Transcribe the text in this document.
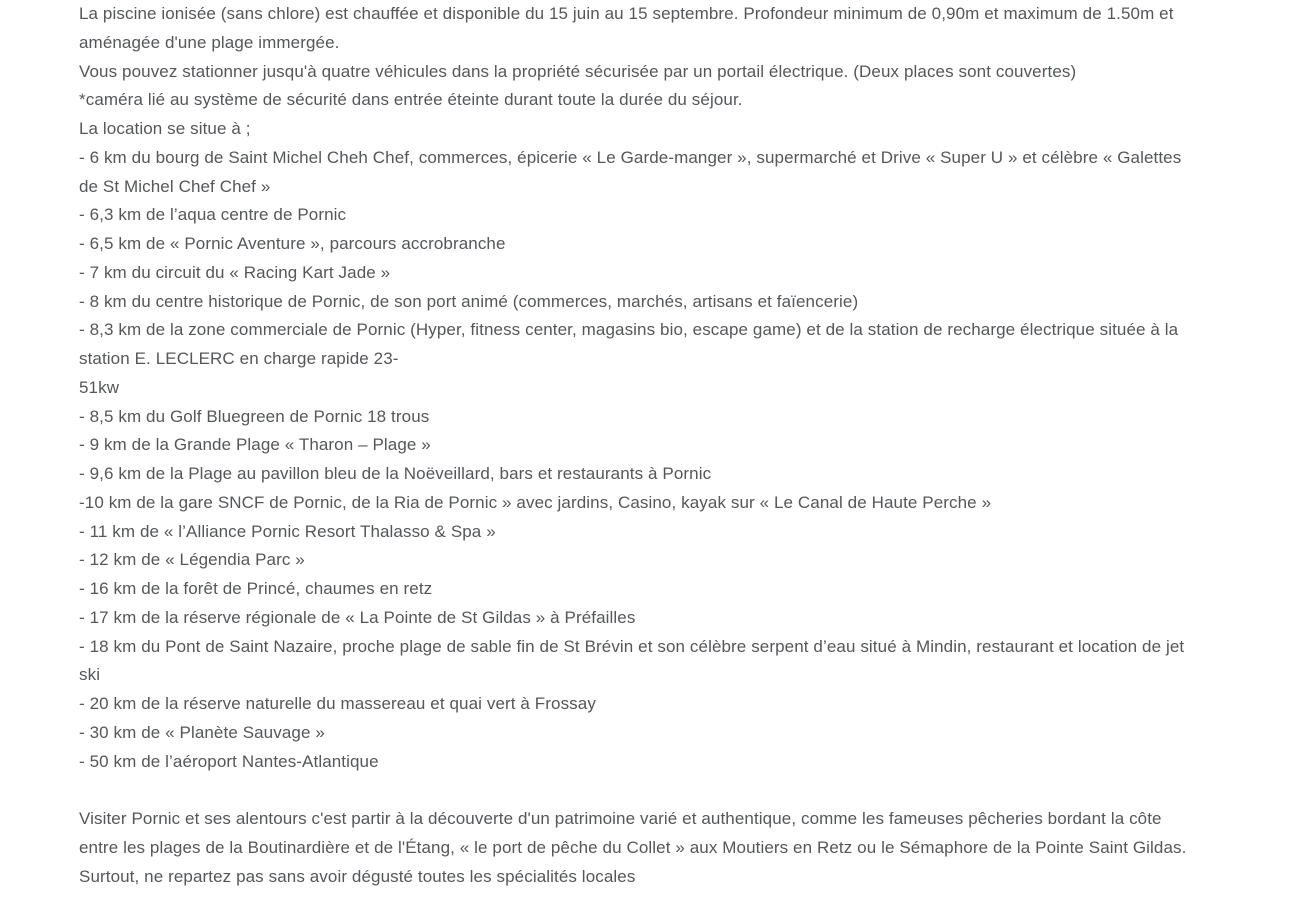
La piscine ionisée (sans chlore) est chauffée et disponible du 15 juin au 15 septembre. Profondeur minimum de 0,90m et maximum de 1.50m et aménagée d'une plage immergée.
Vous pouvez stationner jusqu'à quatre véhicules dans la propriété sécurisée par un portail électrique. (Deux places sont couvertes)
*caméra lié au système de sécurité dans entrée éteinte durant toute la durée du séjour.
La location se situe à ;
- 6 km du bourg de Saint Michel Cheh Chef, commerces, épicerie « Le Garde-manger », supermarché et Drive « Super U » et célèbre « Galettes de St Michel Chef Chef »
- 6,3 km de l’aqua centre de Pornic
- 6,5 km de « Pornic Aventure », parcours accrobranche
- 7 km du circuit du « Racing Kart Jade »
- 8 km du centre historique de Pornic, de son port animé (commerces, marchés, artisans et faïencerie)
- 8,3 km de la zone commerciale de Pornic (Hyper, fitness center, magasins bio, escape game) et de la station de recharge électrique située à la station E. LECLERC en charge rapide 23-
51kw
- 8,5 km du Golf Bluegreen de Pornic 18 trous
- 9 km de la Grande Plage « Tharon – Plage »
- 9,6 km de la Plage au pavillon bleu de la Noëveillard, bars et restaurants à Pornic
-10 km de la gare SNCF de Pornic, de la Ria de Pornic » avec jardins, Casino, kayak sur « Le Canal de Haute Perche »
- 11 km de « l’Alliance Pornic Resort Thalasso & Spa »
- 12 km de « Légendia Parc »
- 16 km de la forêt de Princé, chaumes en retz
- 17 km de la réserve régionale de « La Pointe de St Gildas » à Préfailles
- 18 km du Pont de Saint Nazaire, proche plage de sable fin de St Brévin et son célèbre serpent d’eau situé à Mindin, restaurant et location de jet ski
- 20 km de la réserve naturelle du massereau et quai vert à Frossay
- 30 km de « Planète Sauvage »
- 50 km de l’aéroport Nantes-Atlantique
Visiter Pornic et ses alentours c'est partir à la découverte d'un patrimoine varié et authentique, comme les fameuses pêcheries bordant la côte entre les plages de la Boutinardière et de l'Étang, « le port de pêche du Collet » aux Moutiers en Retz ou le Sémaphore de la Pointe Saint Gildas. Surtout, ne repartez pas sans avoir dégusté toutes les spécialités locales
